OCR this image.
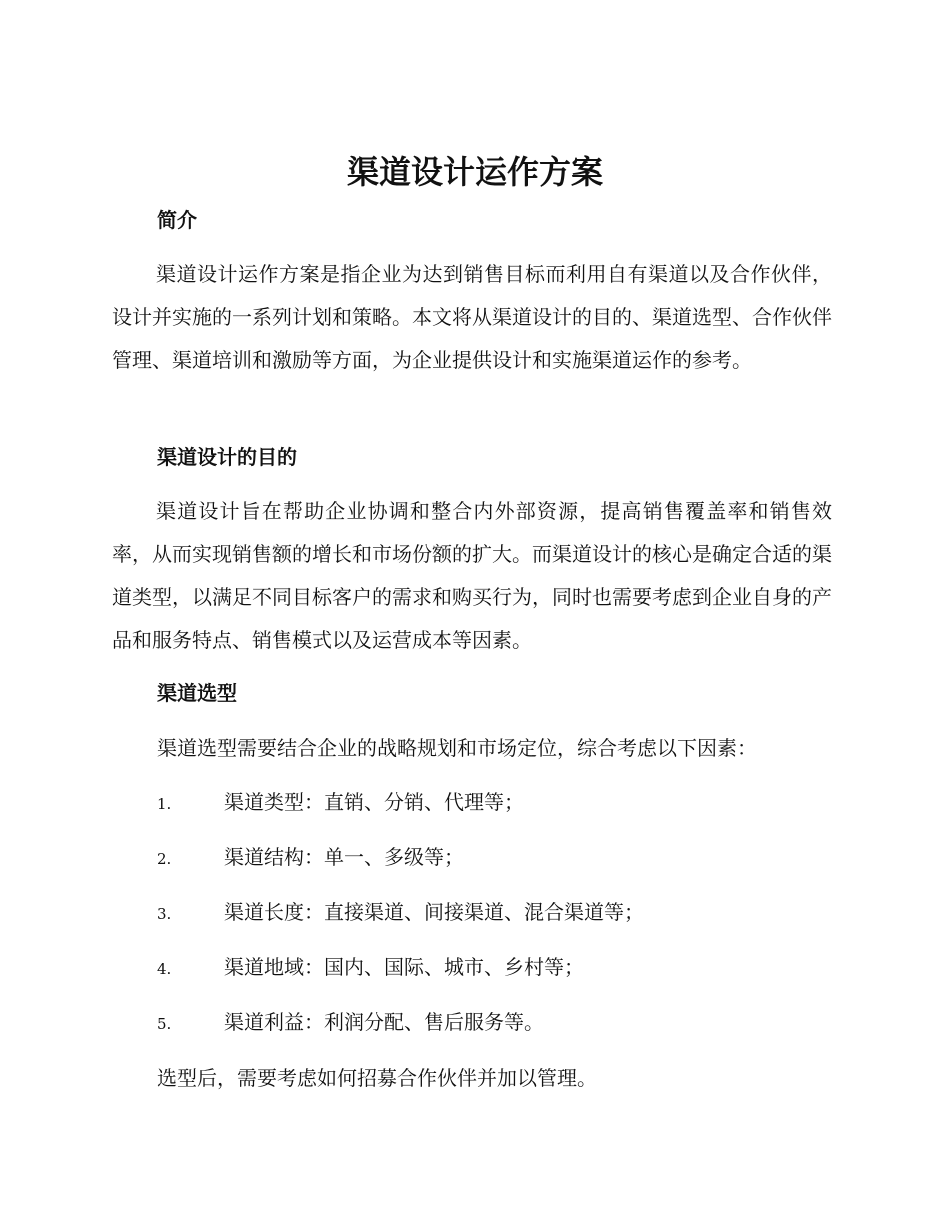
渠道设计运作方案
简介

渠道设计运作方案是指企业为达到销售目标而利用自有渠道以及合作伙伴，设计并实施的一系列计划和策略。本文将从渠道设计的目的、渠道选型、合作伙伴管理、渠道培训和激励等方面，为企业提供设计和实施渠道运作的参考。

渠道设计的目的

渠道设计旨在帮助企业协调和整合内外部资源，提高销售覆盖率和销售效率，从而实现销售额的增长和市场份额的扩大。而渠道设计的核心是确定合适的渠道类型，以满足不同目标客户的需求和购买行为，同时也需要考虑到企业自身的产品和服务特点、销售模式以及运营成本等因素。

渠道选型

渠道选型需要结合企业的战略规划和市场定位，综合考虑以下因素：

1.	渠道类型：直销、分销、代理等；
2.	渠道结构：单一、多级等；
3.	渠道长度：直接渠道、间接渠道、混合渠道等；
4.	渠道地域：国内、国际、城市、乡村等；
5.	渠道利益：利润分配、售后服务等。

选型后，需要考虑如何招募合作伙伴并加以管理。
